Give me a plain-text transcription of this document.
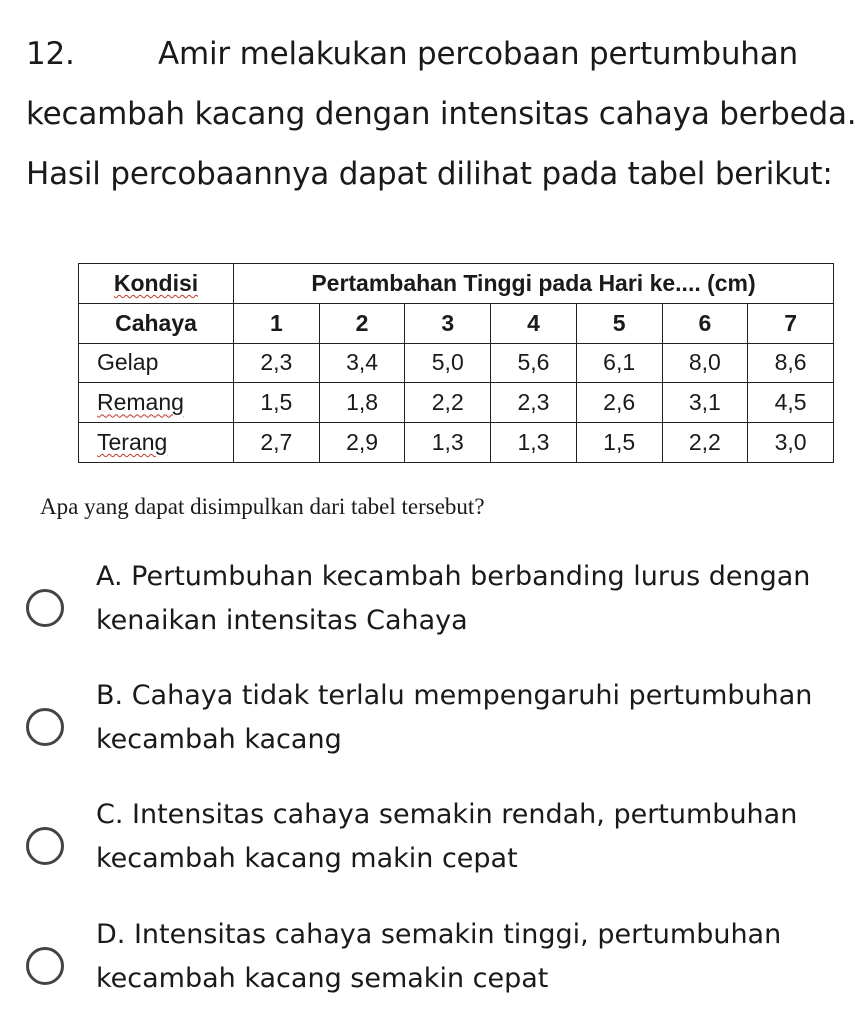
12.	Amir melakukan percobaan pertumbuhan
kecambah kacang dengan intensitas cahaya berbeda.
Hasil percobaannya dapat dilihat pada tabel berikut:
Kondisi	Pertambahan Tinggi pada Hari ke.... (cm)						
Cahaya	1	2	3	4	5	6	7
Gelap	2,3	3,4	5,0	5,6	6,1	8,0	8,6
Remang	1,5	1,8	2,2	2,3	2,6	3,1	4,5
Terang	2,7	2,9	1,3	1,3	1,5	2,2	3,0
Apa yang dapat disimpulkan dari tabel tersebut?
A. Pertumbuhan kecambah berbanding lurus dengan
kenaikan intensitas Cahaya
B. Cahaya tidak terlalu mempengaruhi pertumbuhan
kecambah kacang
C. Intensitas cahaya semakin rendah, pertumbuhan
kecambah kacang makin cepat
D. Intensitas cahaya semakin tinggi, pertumbuhan
kecambah kacang semakin cepat
